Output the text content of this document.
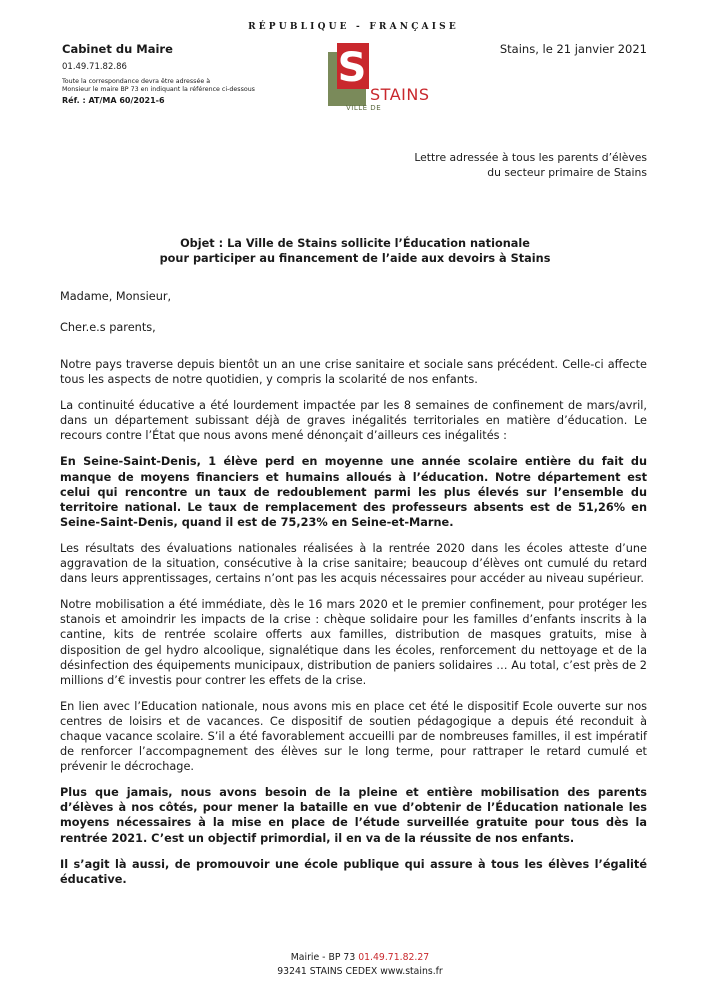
RÉPUBLIQUE - FRANÇAISE

Cabinet du Maire

01.49.71.82.86

Toute la correspondance devra être adressée à

Monsieur le maire BP 73 en indiquant la référence ci-dessous

Réf. : AT/MA 60/2021-6
S
STAINS
VILLE DE
Stains, le 21 janvier 2021
Lettre adressée à tous les parents d’élèves
du secteur primaire de Stains
Objet : La Ville de Stains sollicite l’Éducation nationale
pour participer au financement de l’aide aux devoirs à Stains
Madame, Monsieur,
Cher.e.s parents,

Notre pays traverse depuis bientôt un an une crise sanitaire et sociale sans précédent. Celle-ci affecte tous les aspects de notre quotidien, y compris la scolarité de nos enfants.

La continuité éducative a été lourdement impactée par les 8 semaines de confinement de mars/avril, dans un département subissant déjà de graves inégalités territoriales en matière d’éducation. Le recours contre l’État que nous avons mené dénonçait d’ailleurs ces inégalités :

En Seine-Saint-Denis, 1 élève perd en moyenne une année scolaire entière du fait du manque de moyens financiers et humains alloués à l’éducation. Notre département est celui qui rencontre un taux de redoublement parmi les plus élevés sur l’ensemble du territoire national. Le taux de remplacement des professeurs absents est de 51,26% en Seine-Saint-Denis, quand il est de 75,23% en Seine-et-Marne.

Les résultats des évaluations nationales réalisées à la rentrée 2020 dans les écoles atteste d’une aggravation de la situation, consécutive à la crise sanitaire; beaucoup d’élèves ont cumulé du retard dans leurs apprentissages, certains n’ont pas les acquis nécessaires pour accéder au niveau supérieur.

Notre mobilisation a été immédiate, dès le 16 mars 2020 et le premier confinement, pour protéger les stanois et amoindrir les impacts de la crise : chèque solidaire pour les familles d’enfants inscrits à la cantine, kits de rentrée scolaire offerts aux familles, distribution de masques gratuits, mise à disposition de gel hydro alcoolique, signalétique dans les écoles, renforcement du nettoyage et de la désinfection des équipements municipaux, distribution de paniers solidaires … Au total, c’est près de 2 millions d’€ investis pour contrer les effets de la crise.

En lien avec l’Education nationale, nous avons mis en place cet été le dispositif Ecole ouverte sur nos centres de loisirs et de vacances. Ce dispositif de soutien pédagogique a depuis été reconduit à chaque vacance scolaire. S’il a été favorablement accueilli par de nombreuses familles, il est impératif de renforcer l’accompagnement des élèves sur le long terme, pour rattraper le retard cumulé et prévenir le décrochage.

Plus que jamais, nous avons besoin de la pleine et entière mobilisation des parents d’élèves à nos côtés, pour mener la bataille en vue d’obtenir de l’Éducation nationale les moyens nécessaires à la mise en place de l’étude surveillée gratuite pour tous dès la rentrée 2021. C’est un objectif primordial, il en va de la réussite de nos enfants.

Il s’agit là aussi, de promouvoir une école publique qui assure à tous les élèves l’égalité éducative.

Mairie - BP 73 01.49.71.82.27
93241 STAINS CEDEX www.stains.fr
